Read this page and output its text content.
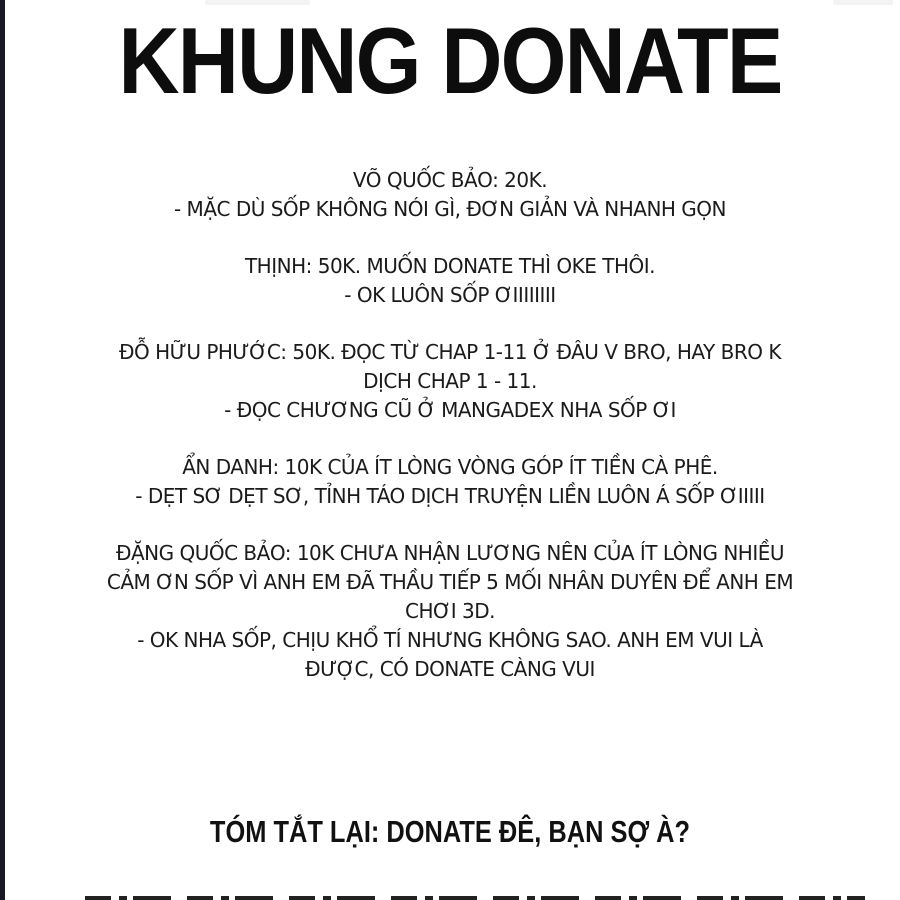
KHUNG DONATE
VÕ QUỐC BẢO: 20K.
- MẶC DÙ SỐP KHÔNG NÓI GÌ, ĐƠN GIẢN VÀ NHANH GỌN
THỊNH: 50K. MUỐN DONATE THÌ OKE THÔI.
- OK LUÔN SỐP ƠIIIIIIII
ĐỖ HỮU PHƯỚC: 50K. ĐỌC TỪ CHAP 1-11 Ở ĐÂU V BRO, HAY BRO K
DỊCH CHAP 1 - 11.
- ĐỌC CHƯƠNG CŨ Ở MANGADEX NHA SỐP ƠI
ẨN DANH: 10K CỦA ÍT LÒNG VÒNG GÓP ÍT TIỀN CÀ PHÊ.
- DẸT SƠ DẸT SƠ, TỈNH TÁO DỊCH TRUYỆN LIỀN LUÔN Á SỐP ƠIIIII
ĐẶNG QUỐC BẢO: 10K CHƯA NHẬN LƯƠNG NÊN CỦA ÍT LÒNG NHIỀU
CẢM ƠN SỐP VÌ ANH EM ĐÃ THẦU TIẾP 5 MỐI NHÂN DUYÊN ĐỂ ANH EM
CHƠI 3D.
- OK NHA SỐP, CHỊU KHỔ TÍ NHƯNG KHÔNG SAO. ANH EM VUI LÀ
ĐƯỢC, CÓ DONATE CÀNG VUI
TÓM TẮT LẠI: DONATE ĐÊ, BẠN SỢ À?
